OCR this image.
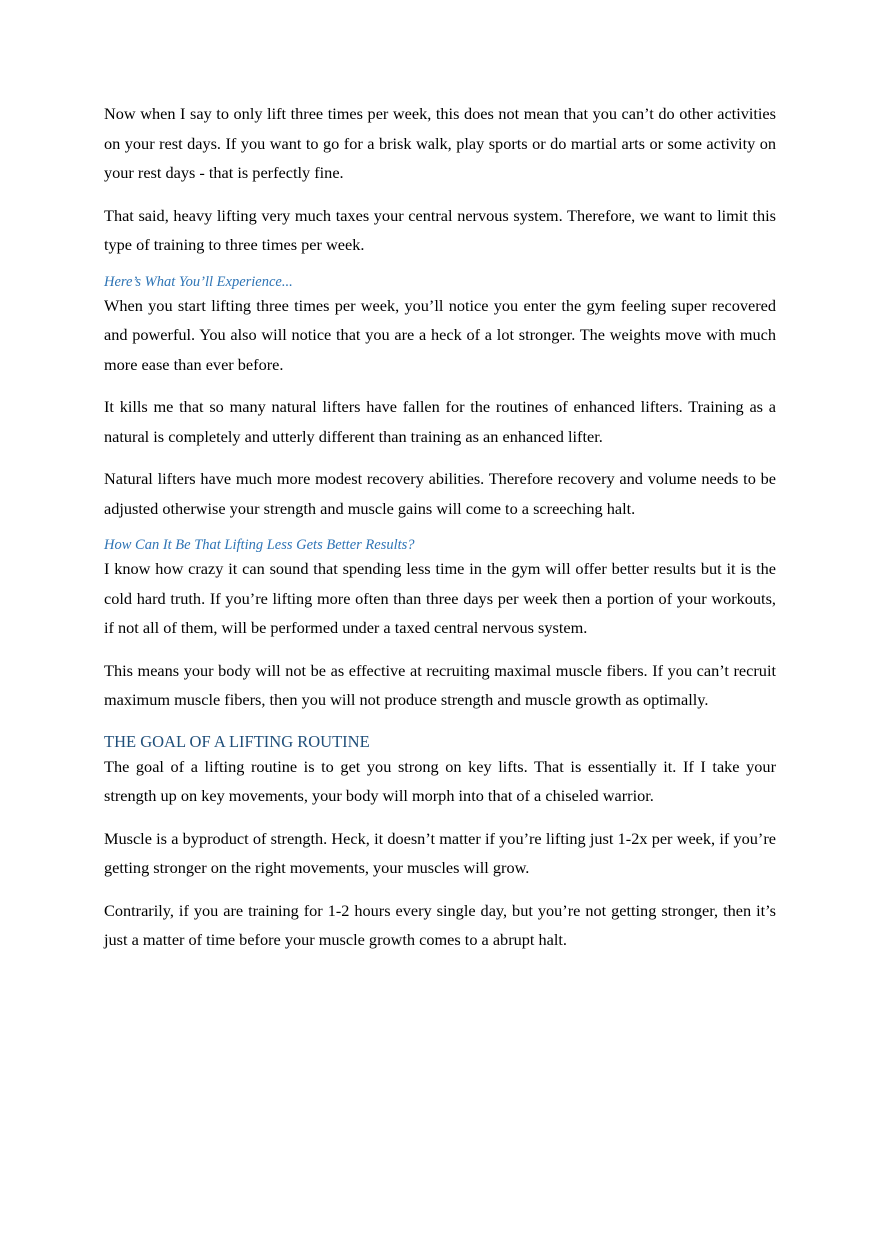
Now when I say to only lift three times per week, this does not mean that you can’t do other activities on your rest days. If you want to go for a brisk walk, play sports or do martial arts or some activity on your rest days - that is perfectly fine.

That said, heavy lifting very much taxes your central nervous system. Therefore, we want to limit this type of training to three times per week.

Here’s What You’ll Experience...

When you start lifting three times per week, you’ll notice you enter the gym feeling super recovered and powerful. You also will notice that you are a heck of a lot stronger. The weights move with much more ease than ever before.

It kills me that so many natural lifters have fallen for the routines of enhanced lifters. Training as a natural is completely and utterly different than training as an enhanced lifter.

Natural lifters have much more modest recovery abilities. Therefore recovery and volume needs to be adjusted otherwise your strength and muscle gains will come to a screeching halt.

How Can It Be That Lifting Less Gets Better Results?

I know how crazy it can sound that spending less time in the gym will offer better results but it is the cold hard truth. If you’re lifting more often than three days per week then a portion of your workouts, if not all of them, will be performed under a taxed central nervous system.

This means your body will not be as effective at recruiting maximal muscle fibers. If you can’t recruit maximum muscle fibers, then you will not produce strength and muscle growth as optimally.

THE GOAL OF A LIFTING ROUTINE

The goal of a lifting routine is to get you strong on key lifts. That is essentially it. If I take your strength up on key movements, your body will morph into that of a chiseled warrior.

Muscle is a byproduct of strength. Heck, it doesn’t matter if you’re lifting just 1-2x per week, if you’re getting stronger on the right movements, your muscles will grow.

Contrarily, if you are training for 1-2 hours every single day, but you’re not getting stronger, then it’s just a matter of time before your muscle growth comes to a abrupt halt.
